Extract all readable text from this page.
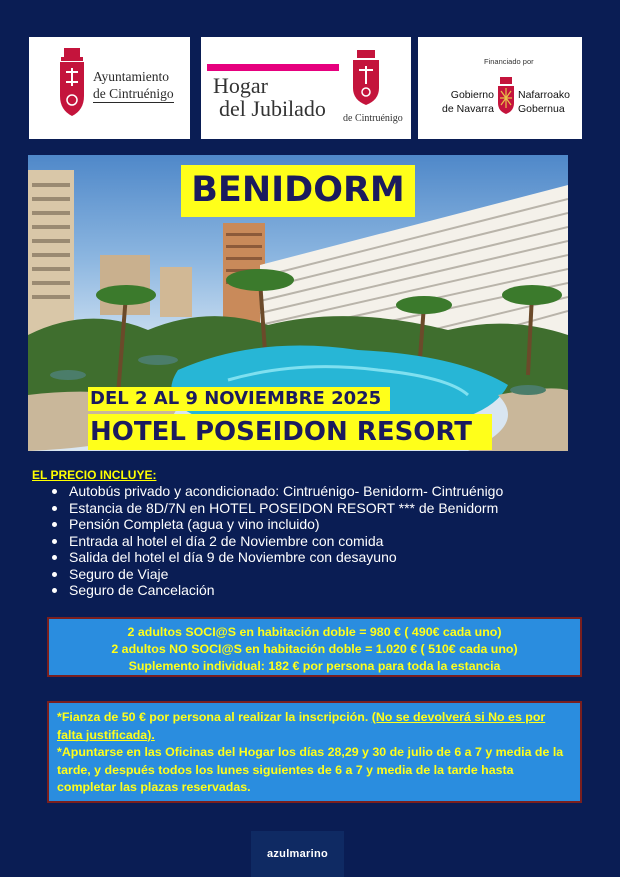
Ayuntamiento
de Cintruénigo Hogar
del Jubilado de Cintruénigo
Financiado por
Gobierno
de Navarra
Nafarroako
Gobernua
BENIDORM
DEL 2 AL 9 NOVIEMBRE 2025
HOTEL POSEIDON RESORT
EL PRECIO INCLUYE:
Autobús privado y acondicionado: Cintruénigo- Benidorm- Cintruénigo
Estancia de 8D/7N en HOTEL POSEIDON RESORT *** de Benidorm
Pensión Completa (agua y vino incluido)
Entrada al hotel el día 2 de Noviembre con comida
Salida del hotel el día 9 de Noviembre con desayuno
Seguro de Viaje
Seguro de Cancelación
2 adultos SOCI@S en habitación doble = 980 € ( 490€ cada uno)
2 adultos NO SOCI@S en habitación doble = 1.020 € ( 510€ cada uno)
Suplemento individual: 182 € por persona para toda la estancia
*Fianza de 50 € por persona al realizar la inscripción. (No se devolverá si No es por falta justificada).
*Apuntarse en las Oficinas del Hogar los días 28,29 y 30 de julio de 6 a 7 y media de la tarde, y después todos los lunes siguientes de 6 a 7 y media de la tarde hasta completar las plazas reservadas.
azulmarino
